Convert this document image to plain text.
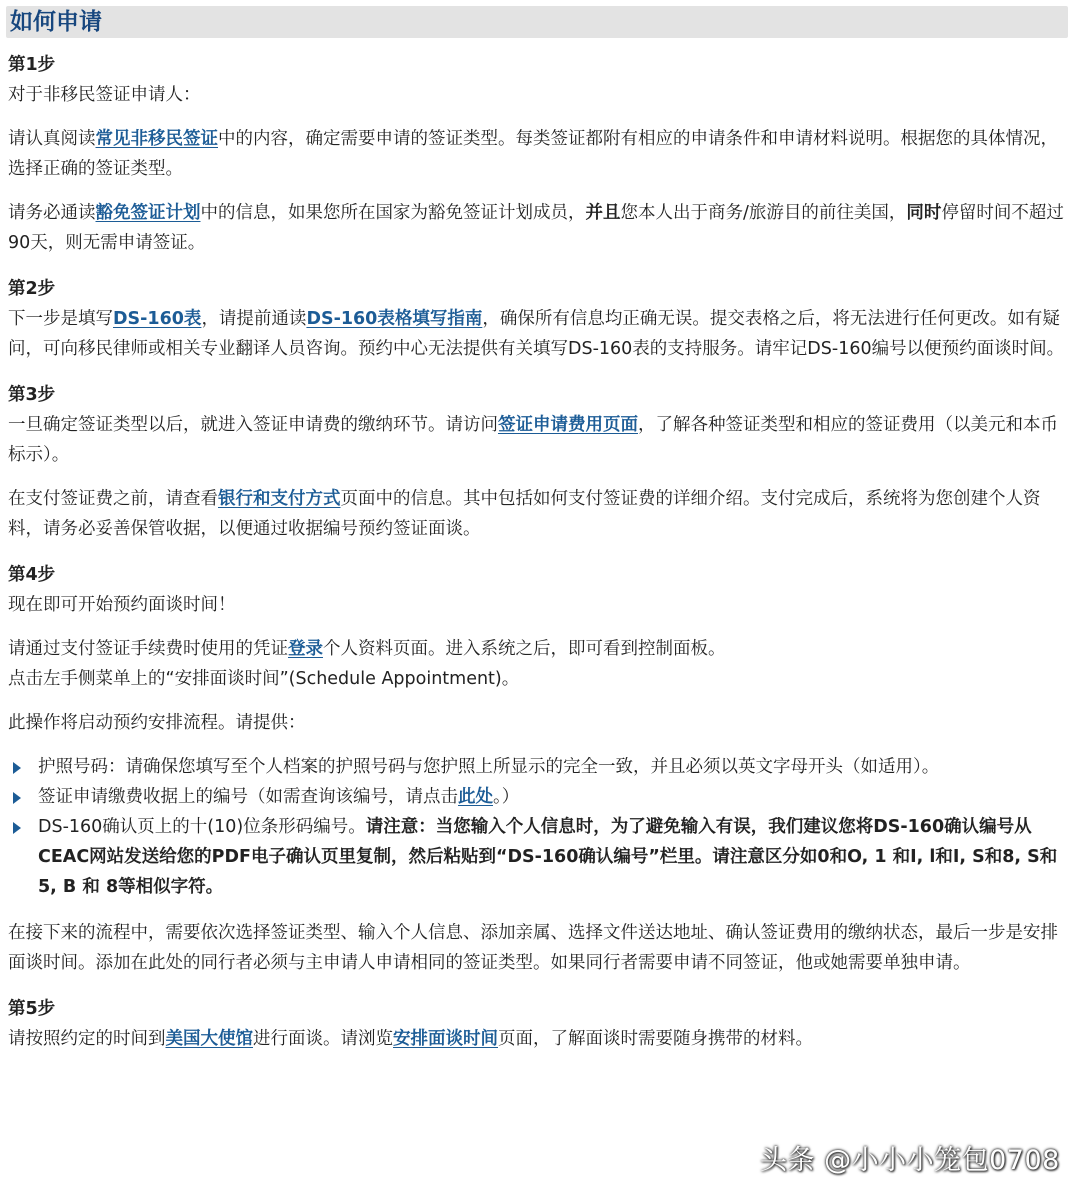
如何申请

第1步

对于非移民签证申请人：

请认真阅读常见非移民签证中的内容，确定需要申请的签证类型。每类签证都附有相应的申请条件和申请材料说明。根据您的具体情况，选择正确的签证类型。

请务必通读豁免签证计划中的信息，如果您所在国家为豁免签证计划成员，并且您本人出于商务/旅游目的前往美国，同时停留时间不超过90天，则无需申请签证。

第2步

下一步是填写DS-160表，请提前通读DS-160表格填写指南，确保所有信息均正确无误。提交表格之后，将无法进行任何更改。如有疑问，可向移民律师或相关专业翻译人员咨询。预约中心无法提供有关填写DS-160表的支持服务。请牢记DS-160编号以便预约面谈时间。

第3步

一旦确定签证类型以后，就进入签证申请费的缴纳环节。请访问签证申请费用页面，了解各种签证类型和相应的签证费用（以美元和本币标示）。

在支付签证费之前，请查看银行和支付方式页面中的信息。其中包括如何支付签证费的详细介绍。支付完成后，系统将为您创建个人资料，请务必妥善保管收据，以便通过收据编号预约签证面谈。

第4步

现在即可开始预约面谈时间！

请通过支付签证手续费时使用的凭证登录个人资料页面。进入系统之后，即可看到控制面板。
点击左手侧菜单上的“安排面谈时间”(Schedule Appointment)。

此操作将启动预约安排流程。请提供：

护照号码：请确保您填写至个人档案的护照号码与您护照上所显示的完全一致，并且必须以英文字母开头（如适用）。
签证申请缴费收据上的编号（如需查询该编号，请点击此处。）
DS-160确认页上的十(10)位条形码编号。请注意：当您输入个人信息时，为了避免输入有误，我们建议您将DS-160确认编号从CEAC网站发送给您的PDF电子确认页里复制，然后粘贴到“DS-160确认编号”栏里。请注意区分如0和O, 1 和I, l和I, S和8, S和5, B 和 8等相似字符。

在接下来的流程中，需要依次选择签证类型、输入个人信息、添加亲属、选择文件送达地址、确认签证费用的缴纳状态，最后一步是安排面谈时间。添加在此处的同行者必须与主申请人申请相同的签证类型。如果同行者需要申请不同签证，他或她需要单独申请。

第5步

请按照约定的时间到美国大使馆进行面谈。请浏览安排面谈时间页面，了解面谈时需要随身携带的材料。

头条 @小小小笼包0708
